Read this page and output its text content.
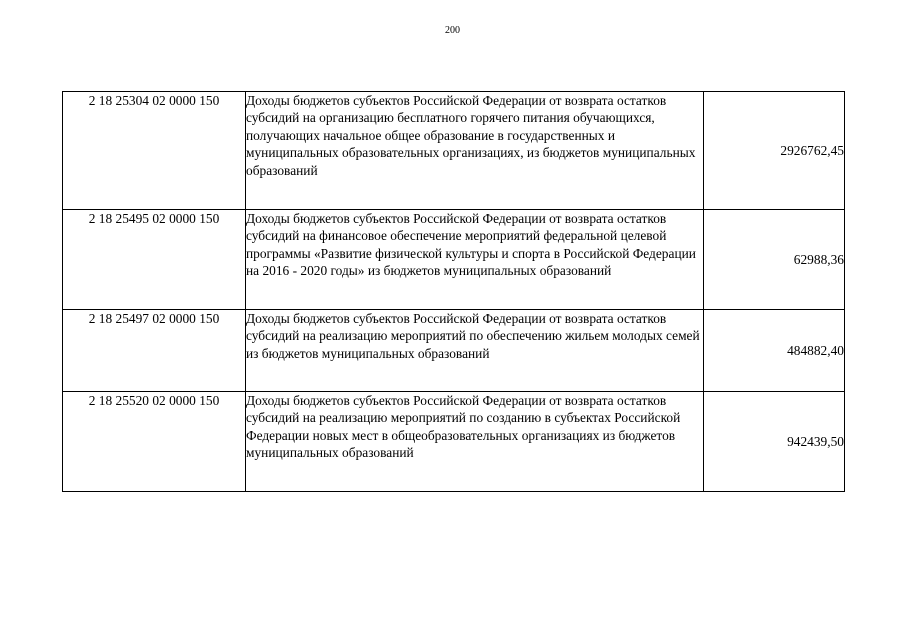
200
2 18 25304 02 0000 150	Доходы бюджетов субъектов Российской Федерации от возврата остатков субсидий на организацию бесплатного горячего питания обучающихся, получающих начальное общее образование в государственных и муниципальных образовательных организациях, из бюджетов муниципальных образований	2926762,45
2 18 25495 02 0000 150	Доходы бюджетов субъектов Российской Федерации от возврата остатков субсидий на финансовое обеспечение мероприятий федеральной целевой программы «Развитие физической культуры и спорта в Российской Федерации на 2016 - 2020 годы» из бюджетов муниципальных образований	62988,36
2 18 25497 02 0000 150	Доходы бюджетов субъектов Российской Федерации от возврата остатков субсидий на реализацию мероприятий по обеспечению жильем молодых семей из бюджетов муниципальных образований	484882,40
2 18 25520 02 0000 150	Доходы бюджетов субъектов Российской Федерации от возврата остатков субсидий на реализацию мероприятий по созданию в субъектах Российской Федерации новых мест в общеобразовательных организациях из бюджетов муниципальных образований	942439,50
